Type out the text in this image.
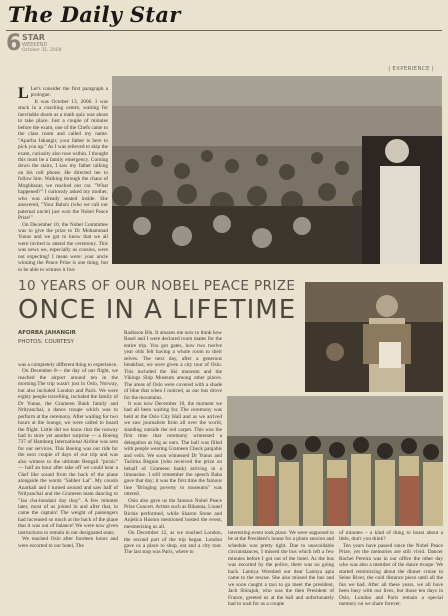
The Daily Star
6 STAR
WEEKEND
October 31, 2008
| EXPERIENCE |

L Let's consider the first paragraph a prologue.

It was October 13, 2006. I was stuck in a coaching centre, waiting for inevitable doom as a math quiz was about to take place. Just a couple of minutes before the exam, one of the Chefs came to the class room and called my name. "Apurba Jahangir, your father is here to pick you up." As I was relieved to skip the exam, curiosity also rose within. I thought this must be a family emergency. Coming down the stairs, I saw my father talking on his cell phone. He directed me to follow him. Walking through the chaos of Moghbazar, we reached our car. "What happened?" I curiously asked my mother, who was already seated inside. She answered, "Your Baba's (who we call our paternal uncle) just won the Nobel Peace Prize!"

On December 10, the Nobel Committee was to give the prize to Dr Mohammad Yunus and we got to know that we all were invited to attend the ceremony. This was news we, especially us cousins, were not expecting! I mean were: your uncle winning the Peace Prize is one thing, but to be able to witness it live

10 YEARS OF OUR NOBEL PEACE PRIZE
ONCE IN A LIFETIME
AFORBA JAHANGIR
PHOTOS: COURTESY

was a completely different thing to experience.

On December 8— the day of our flight, we reached the airport around ten in the morning.The trip wasn't just in Oslo, Norway, but also included London and Paris. We were eighty people travelling, included the family of Dr Yunus, the Grameen Bank family and Nrityanchal, a dance troupe which was to perform at the ceremony. After waiting for two hours at the lounge, we were called to board the flight. Little did we know that the runway had in store yet another surprise — a Boeing 737 of Hamburg International Airline was sent for our services. This Boeing was our ride for the next couple of days of our trip and was also witness to the ultimate Bengali "picnic" — half an hour after take off we could hear a Chef like sound from the back of the plane alongside the words "Sabher Lai". My cousin Anarkali and I turned around and saw half of Nrityanchal and the Grameen team dancing to "Jao cha-bondani day thay". A few minutes later, most of us joined in and after that, in came the captain! The weight of passengers had increased so much at the back of the plane that it was out of balance! We were now given instructions to remain in our designated seats.

We reached Oslo after fourteen hours and were escorted to our hotel, The

Radisson Blu. It amazes me now to think how Rasel and I were declared room mates for the entire trip. You got gates, how two twelve year olds felt having a whole room to their selves. The next day, after a generous breakfast, we were given a city tour of Oslo. This included the Ski museum and the Vikings Ship Museum among other places. The areas of Oslo were covered with a shade of blue that when I noticed, as our bus drove for the mountains.

It was now December 10, the moment we had all been waiting for. The ceremony was held at the Oslo City Hall and as we arrived we saw journalists from all over the world, standing outside the red carpet. This was the first time that ceremony witnessed a delegation as big as ours. The hall was filled with people wearing Grameen Check panjabis and veils. We soon witnessed Dr Yunus and Taslima Begum (who received the prize on behalf of Grameen bank) arriving in a limousine. I still remember the speech Baba gave that day; it was the first time the famous line "Bringing poverty to museums" was uttered.

Oslo also gave us the famous Nobel Peace Prize Concert. Artists such as Rihanna, Lionel Richie performed, while Sharon Stone and Anjelica Huston mentioned hosted the event, mesmerizing us all.

On December 12, as we reached London, the second part of the trip began. London gave us a place to shop, eat and a city tour. The last stop was Paris, where to

interesting event took place. We were supposed to be at the President's house for a photo session and schedule was pretty tight. Due to unavoidable circumstances, I missed the bus which left a few minutes before I got out of the hotel. As the bus was escorted by the police, there was no going back. Lamiya Wrenhed our dear Lamiya apia came to the rescue. She also missed the bus and we soon caught a taxi to go meet the president, Jach Shirajuh, who was the then President of France, greeted us at the hall and unfortunately had to wait for us a couple

of minutes – a kind of thing to boast about a little, don't you think?

Ten years have passed since the Nobel Peace Prize, yet the memories are still vivid. Dancer Rachel Pereira was in our office the other day who was also a member of the dance troupe. We started reminiscing about the dinner cruise in Seine River, the cold distance piece until all the fun we had. After all these years, we all have been busy with our lives, but those ten days in Oslo, London and Paris remain a special memory on we share forever.
